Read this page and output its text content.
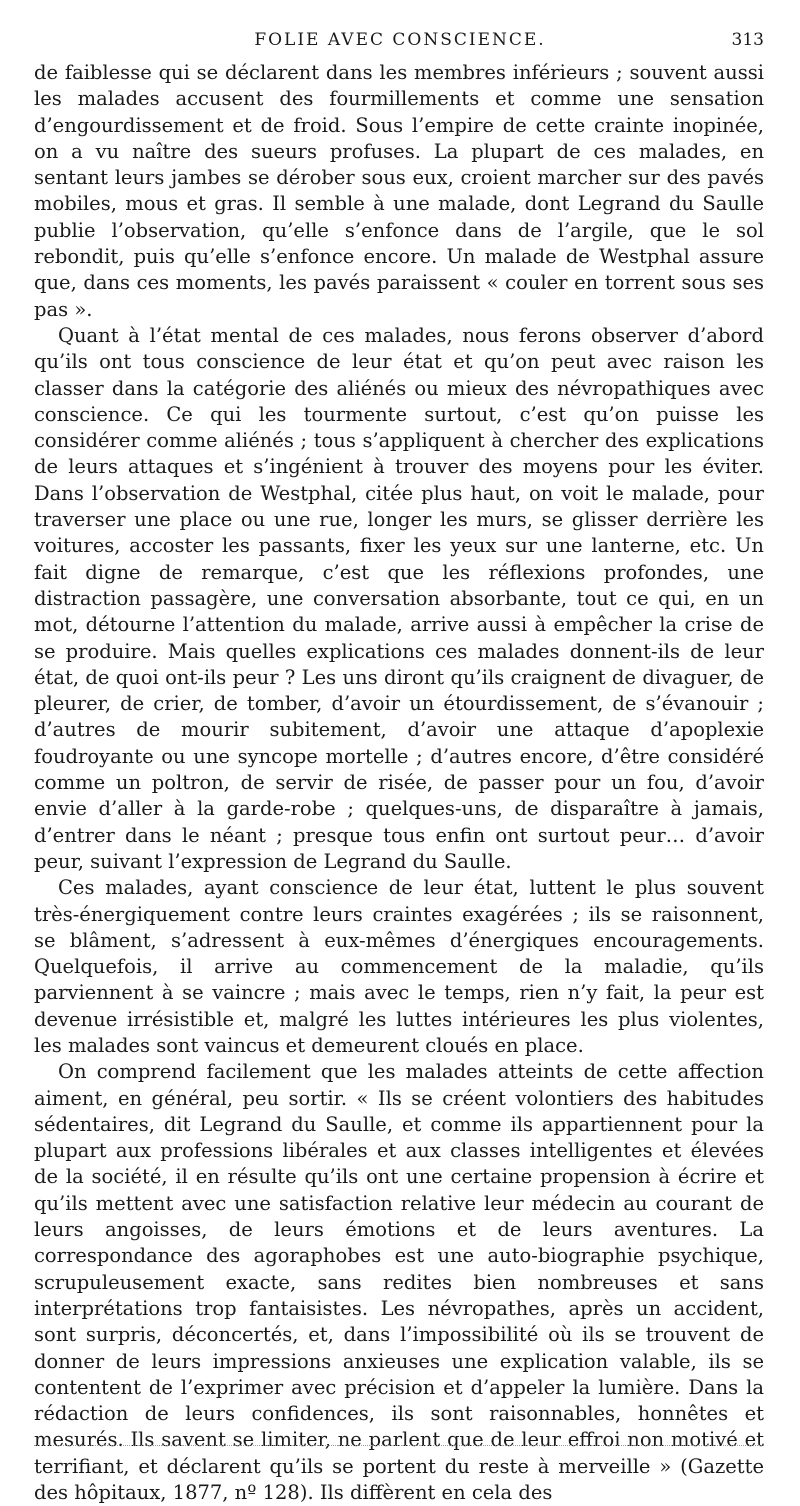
FOLIE AVEC CONSCIENCE.	313

de faiblesse qui se déclarent dans les membres inférieurs ; souvent aussi les malades accusent des fourmillements et comme une sensation d’engourdissement et de froid. Sous l’empire de cette crainte inopinée, on a vu naître des sueurs profuses. La plupart de ces malades, en sentant leurs jambes se dérober sous eux, croient marcher sur des pavés mobiles, mous et gras. Il semble à une malade, dont Legrand du Saulle publie l’observation, qu’elle s’enfonce dans de l’argile, que le sol rebondit, puis qu’elle s’enfonce encore. Un malade de Westphal assure que, dans ces moments, les pavés paraissent « couler en torrent sous ses pas ».

Quant à l’état mental de ces malades, nous ferons observer d’abord qu’ils ont tous conscience de leur état et qu’on peut avec raison les classer dans la catégorie des aliénés ou mieux des névropathiques avec conscience. Ce qui les tourmente surtout, c’est qu’on puisse les considérer comme aliénés ; tous s’appliquent à chercher des explications de leurs attaques et s’ingénient à trouver des moyens pour les éviter. Dans l’observation de Westphal, citée plus haut, on voit le malade, pour traverser une place ou une rue, longer les murs, se glisser derrière les voitures, accoster les passants, fixer les yeux sur une lanterne, etc. Un fait digne de remarque, c’est que les réflexions profondes, une distraction passagère, une conversation absorbante, tout ce qui, en un mot, détourne l’attention du malade, arrive aussi à empêcher la crise de se produire. Mais quelles explications ces malades donnent-ils de leur état, de quoi ont-ils peur ? Les uns diront qu’ils craignent de divaguer, de pleurer, de crier, de tomber, d’avoir un étourdissement, de s’évanouir ; d’autres de mourir subitement, d’avoir une attaque d’apoplexie foudroyante ou une syncope mortelle ; d’autres encore, d’être considéré comme un poltron, de servir de risée, de passer pour un fou, d’avoir envie d’aller à la garde-robe ; quelques-uns, de disparaître à jamais, d’entrer dans le néant ; presque tous enfin ont surtout peur… d’avoir peur, suivant l’expression de Legrand du Saulle.

Ces malades, ayant conscience de leur état, luttent le plus souvent très-énergiquement contre leurs craintes exagérées ; ils se raisonnent, se blâment, s’adressent à eux-mêmes d’énergiques encouragements. Quelquefois, il arrive au commencement de la maladie, qu’ils parviennent à se vaincre ; mais avec le temps, rien n’y fait, la peur est devenue irrésistible et, malgré les luttes intérieures les plus violentes, les malades sont vaincus et demeurent cloués en place.

On comprend facilement que les malades atteints de cette affection aiment, en général, peu sortir. « Ils se créent volontiers des habitudes sédentaires, dit Legrand du Saulle, et comme ils appartiennent pour la plupart aux professions libérales et aux classes intelligentes et élevées de la société, il en résulte qu’ils ont une certaine propension à écrire et qu’ils mettent avec une satisfaction relative leur médecin au courant de leurs angoisses, de leurs émotions et de leurs aventures. La correspondance des agoraphobes est une auto-biographie psychique, scrupuleusement exacte, sans redites bien nombreuses et sans interprétations trop fantaisistes. Les névropathes, après un accident, sont surpris, déconcertés, et, dans l’impossibilité où ils se trouvent de donner de leurs impressions anxieuses une explication valable, ils se contentent de l’exprimer avec précision et d’appeler la lumière. Dans la rédaction de leurs confidences, ils sont raisonnables, honnêtes et mesurés. Ils savent se limiter, ne parlent que de leur effroi non motivé et terrifiant, et déclarent qu’ils se portent du reste à merveille » (Gazette des hôpitaux, 1877, nº 128). Ils diffèrent en cela des
